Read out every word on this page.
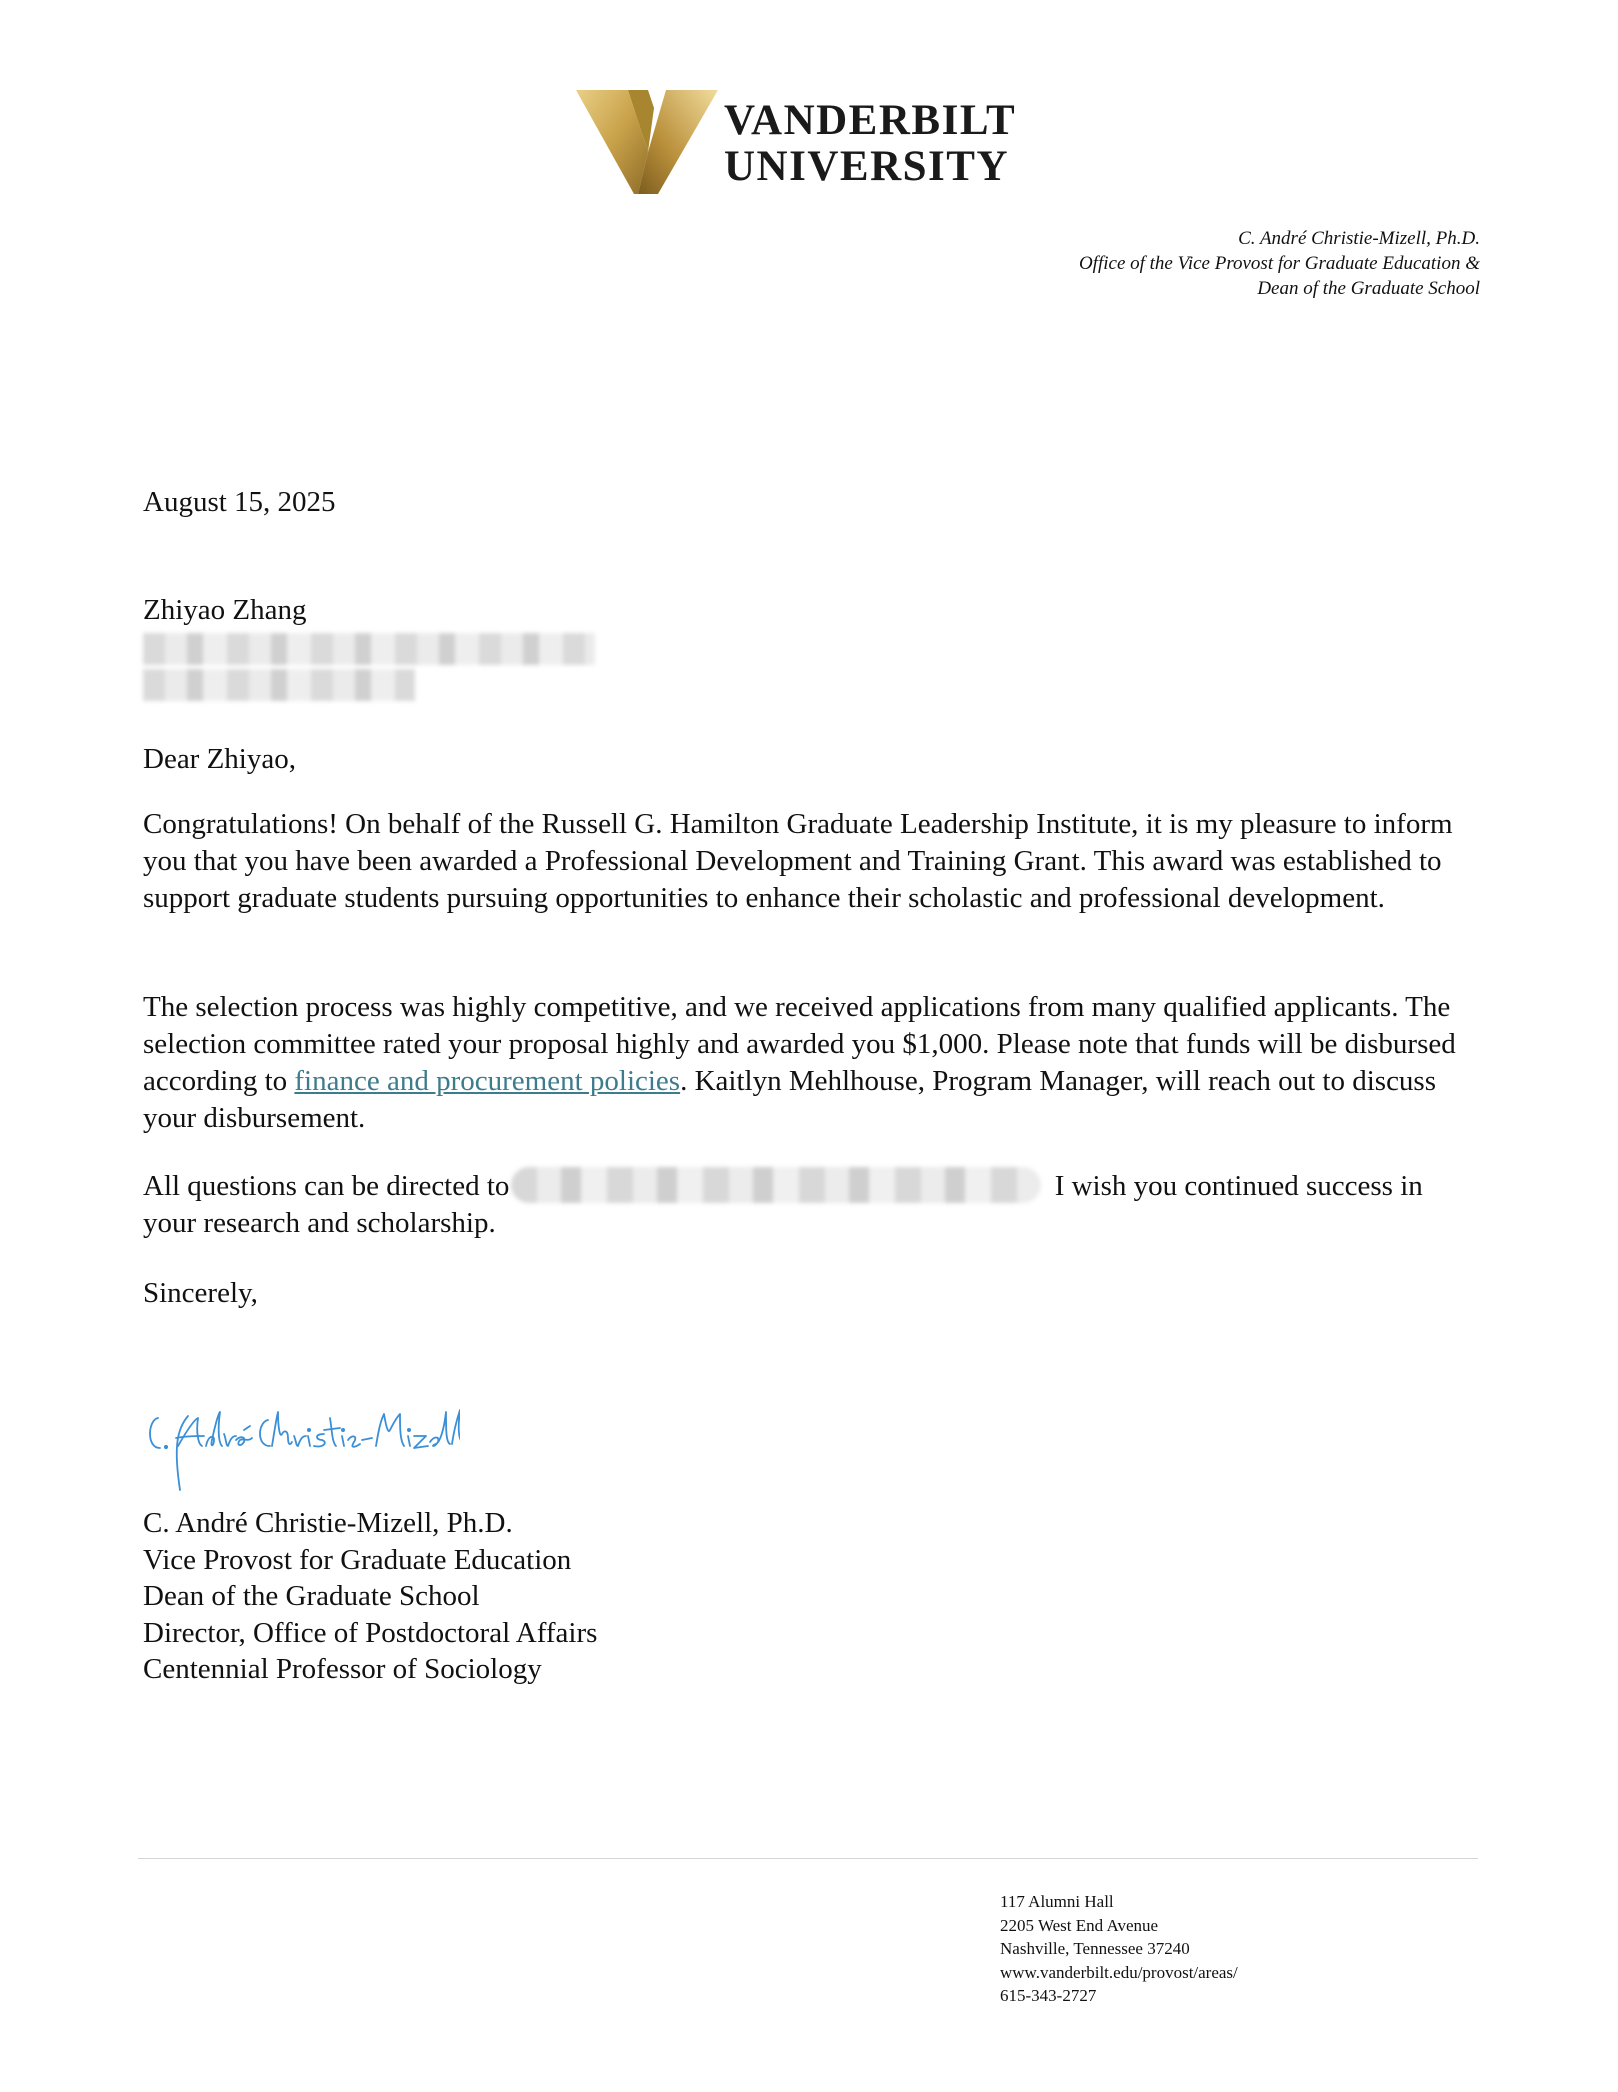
VANDERBILT
UNIVERSITY
C. André Christie-Mizell, Ph.D.
Office of the Vice Provost for Graduate Education &
Dean of the Graduate School
August 15, 2025
Zhiyao Zhang
Dear Zhiyao,
Congratulations! On behalf of the Russell G. Hamilton Graduate Leadership Institute, it is my pleasure to inform you that you have been awarded a Professional Development and Training Grant. This award was established to support graduate students pursuing opportunities to enhance their scholastic and professional development.
The selection process was highly competitive, and we received applications from many qualified applicants. The selection committee rated your proposal highly and awarded you $1,000. Please note that funds will be disbursed according to finance and procurement policies. Kaitlyn Mehlhouse, Program Manager, will reach out to discuss your disbursement.
All questions can be directed to	I wish you continued success in your research and scholarship.
Sincerely,
C. André Christie-Mizell, Ph.D.
Vice Provost for Graduate Education
Dean of the Graduate School
Director, Office of Postdoctoral Affairs
Centennial Professor of Sociology
117 Alumni Hall
2205 West End Avenue
Nashville, Tennessee 37240
www.vanderbilt.edu/provost/areas/
615-343-2727
